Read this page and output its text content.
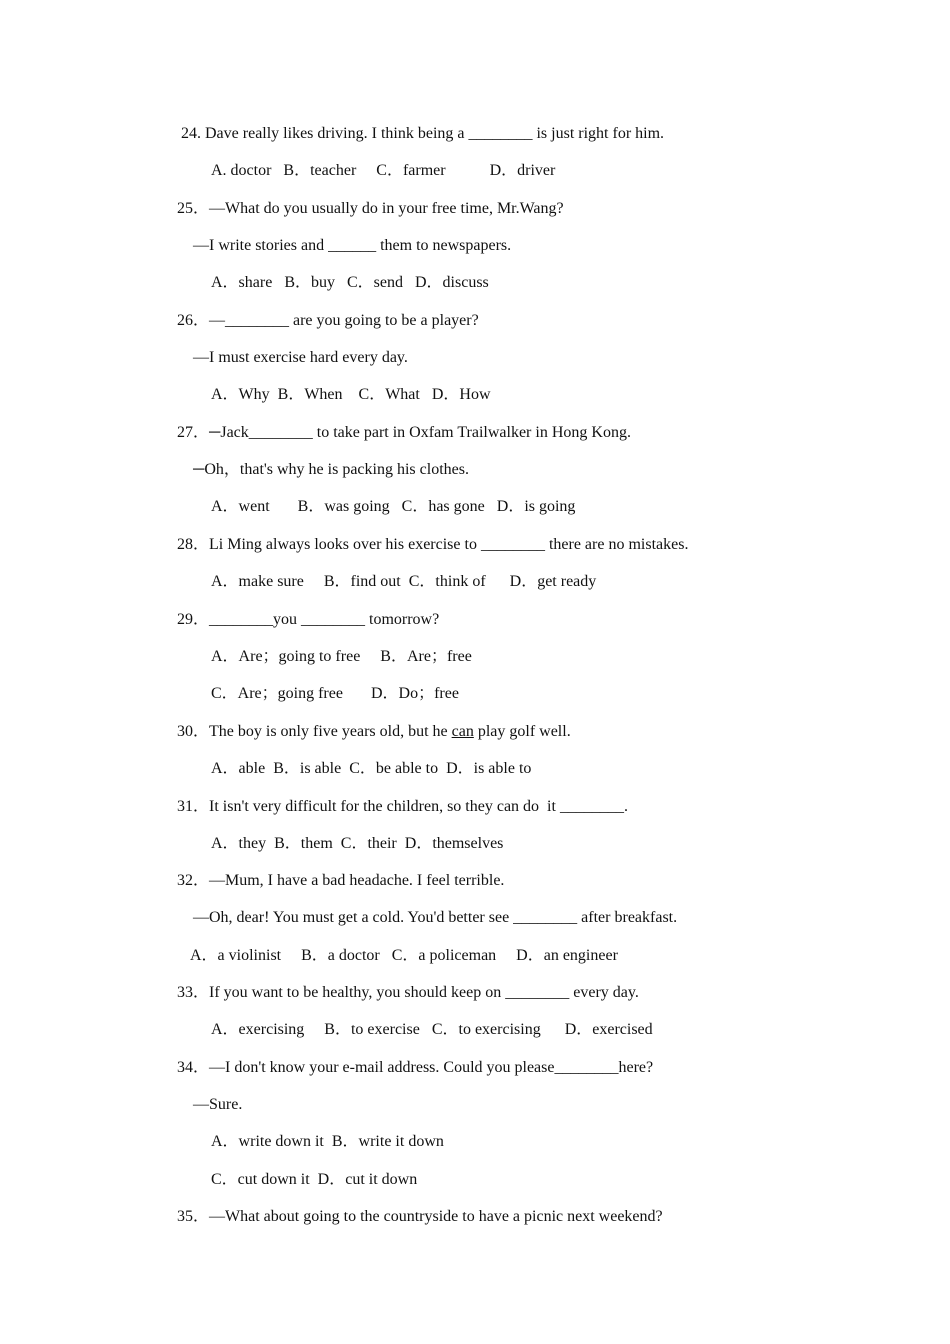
24. Dave really likes driving. I think being a ________ is just right for him.
A. doctor   B．teacher     C．farmer           D．driver
25．—What do you usually do in your free time, Mr.Wang?
—I write stories and ______ them to newspapers.
A．share   B．buy   C．send   D．discuss
26．—________ are you going to be a player?
—I must exercise hard every day.
A．Why  B．When    C．What   D．How
27．─Jack________ to take part in Oxfam Trailwalker in Hong Kong.
─Oh，that's why he is packing his clothes.
A．went       B．was going   C．has gone   D．is going
28．Li Ming always looks over his exercise to ________ there are no mistakes.
A．make sure     B．find out  C．think of      D．get ready
29．________you ________ tomorrow?
A．Are；going to free     B．Are；free
C．Are；going free       D．Do；free
30．The boy is only five years old, but he can play golf well.
A．able  B．is able  C．be able to  D．is able to
31．It isn't very difficult for the children, so they can do  it ________.
A．they  B．them  C．their  D．themselves
32．—Mum, I have a bad headache. I feel terrible.
—Oh, dear! You must get a cold. You'd better see ________ after breakfast.
A．a violinist     B．a doctor   C．a policeman     D．an engineer
33．If you want to be healthy, you should keep on ________ every day.
A．exercising     B．to exercise   C．to exercising      D．exercised
34．—I don't know your e-mail address. Could you please________here?
—Sure.
A．write down it  B．write it down
C．cut down it  D．cut it down
35．—What about going to the countryside to have a picnic next weekend?
